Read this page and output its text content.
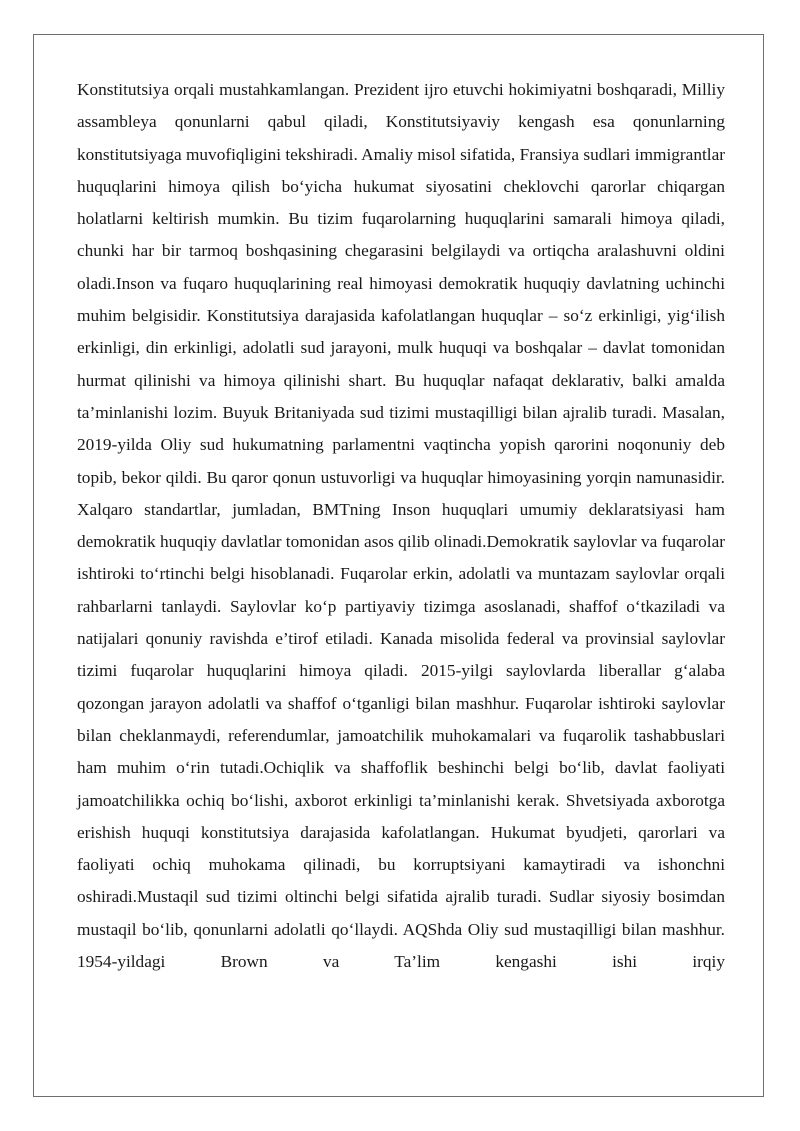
Konstitutsiya orqali mustahkamlangan. Prezident ijro etuvchi hokimiyatni boshqaradi, Milliy assambleya qonunlarni qabul qiladi, Konstitutsiyaviy kengash esa qonunlarning konstitutsiyaga muvofiqligini tekshiradi. Amaliy misol sifatida, Fransiya sudlari immigrantlar huquqlarini himoya qilish bo‘yicha hukumat siyosatini cheklovchi qarorlar chiqargan holatlarni keltirish mumkin. Bu tizim fuqarolarning huquqlarini samarali himoya qiladi, chunki har bir tarmoq boshqasining chegarasini belgilaydi va ortiqcha aralashuvni oldini oladi.Inson va fuqaro huquqlarining real himoyasi demokratik huquqiy davlatning uchinchi muhim belgisidir. Konstitutsiya darajasida kafolatlangan huquqlar – so‘z erkinligi, yig‘ilish erkinligi, din erkinligi, adolatli sud jarayoni, mulk huquqi va boshqalar – davlat tomonidan hurmat qilinishi va himoya qilinishi shart. Bu huquqlar nafaqat deklarativ, balki amalda ta’minlanishi lozim. Buyuk Britaniyada sud tizimi mustaqilligi bilan ajralib turadi. Masalan, 2019-yilda Oliy sud hukumatning parlamentni vaqtincha yopish qarorini noqonuniy deb topib, bekor qildi. Bu qaror qonun ustuvorligi va huquqlar himoyasining yorqin namunasidir. Xalqaro standartlar, jumladan, BMTning Inson huquqlari umumiy deklaratsiyasi ham demokratik huquqiy davlatlar tomonidan asos qilib olinadi.Demokratik saylovlar va fuqarolar ishtiroki to‘rtinchi belgi hisoblanadi. Fuqarolar erkin, adolatli va muntazam saylovlar orqali rahbarlarni tanlaydi. Saylovlar ko‘p partiyaviy tizimga asoslanadi, shaffof o‘tkaziladi va natijalari qonuniy ravishda e’tirof etiladi. Kanada misolida federal va provinsial saylovlar tizimi fuqarolar huquqlarini himoya qiladi. 2015-yilgi saylovlarda liberallar g‘alaba qozongan jarayon adolatli va shaffof o‘tganligi bilan mashhur. Fuqarolar ishtiroki saylovlar bilan cheklanmaydi, referendumlar, jamoatchilik muhokamalari va fuqarolik tashabbuslari ham muhim o‘rin tutadi.Ochiqlik va shaffoflik beshinchi belgi bo‘lib, davlat faoliyati jamoatchilikka ochiq bo‘lishi, axborot erkinligi ta’minlanishi kerak. Shvetsiyada axborotga erishish huquqi konstitutsiya darajasida kafolatlangan. Hukumat byudjeti, qarorlari va faoliyati ochiq muhokama qilinadi, bu korruptsiyani kamaytiradi va ishonchni oshiradi.Mustaqil sud tizimi oltinchi belgi sifatida ajralib turadi. Sudlar siyosiy bosimdan mustaqil bo‘lib, qonunlarni adolatli qo‘llaydi. AQShda Oliy sud mustaqilligi bilan mashhur. 1954-yildagi Brown va Ta’lim kengashi ishi irqiy
